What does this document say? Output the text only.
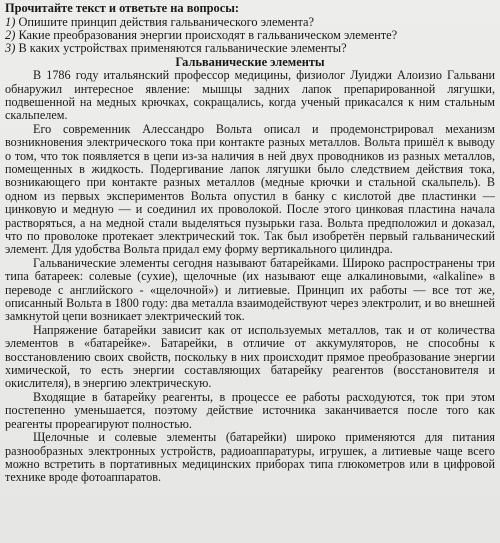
Прочитайте текст и ответьте на вопросы:

1) Опишите принцип действия гальванического элемента?
2) Какие преобразования энергии происходят в гальваническом элементе?
3) В каких устройствах применяются гальванические элементы?

Гальванические элементы

В 1786 году итальянский профессор медицины, физиолог Луиджи Алоизио Гальвани обнаружил интересное явление: мышцы задних лапок препарированной лягушки, подвешенной на медных крючках, сокращались, когда ученый прикасался к ним стальным скальпелем.

Его современник Алессандро Вольта описал и продемонстрировал механизм возникновения электрического тока при контакте разных металлов. Вольта пришёл к выводу о том, что ток появляется в цепи из-за наличия в ней двух проводников из разных металлов, помещенных в жидкость. Подергивание лапок лягушки было следствием действия тока, возникающего при контакте разных металлов (медные крючки и стальной скальпель). В одном из первых экспериментов Вольта опустил в банку с кислотой две пластинки — цинковую и медную — и соединил их проволокой. После этого цинковая пластина начала растворяться, а на медной стали выделяться пузырьки газа. Вольта предположил и доказал, что по проволоке протекает электрический ток. Так был изобретён первый гальванический элемент. Для удобства Вольта придал ему форму вертикального цилиндра.

Гальванические элементы сегодня называют батарейками. Широко распространены три типа батареек: солевые (сухие), щелочные (их называют еще алкалиновыми, «alkaline» в переводе с английского - «щелочной») и литиевые. Принцип их работы — все тот же, описанный Вольта в 1800 году: два металла взаимодействуют через электролит, и во внешней замкнутой цепи возникает электрический ток.

Напряжение батарейки зависит как от используемых металлов, так и от количества элементов в «батарейке». Батарейки, в отличие от аккумуляторов, не способны к восстановлению своих свойств, поскольку в них происходит прямое преобразование энергии химической, то есть энергии составляющих батарейку реагентов (восстановителя и окислителя), в энергию электрическую.

Входящие в батарейку реагенты, в процессе ее работы расходуются, ток при этом постепенно уменьшается, поэтому действие источника заканчивается после того как реагенты прореагируют полностью.

Щелочные и солевые элементы (батарейки) широко применяются для питания разнообразных электронных устройств, радиоаппаратуры, игрушек, а литиевые чаще всего можно встретить в портативных медицинских приборах типа глюкометров или в цифровой технике вроде фотоаппаратов.
